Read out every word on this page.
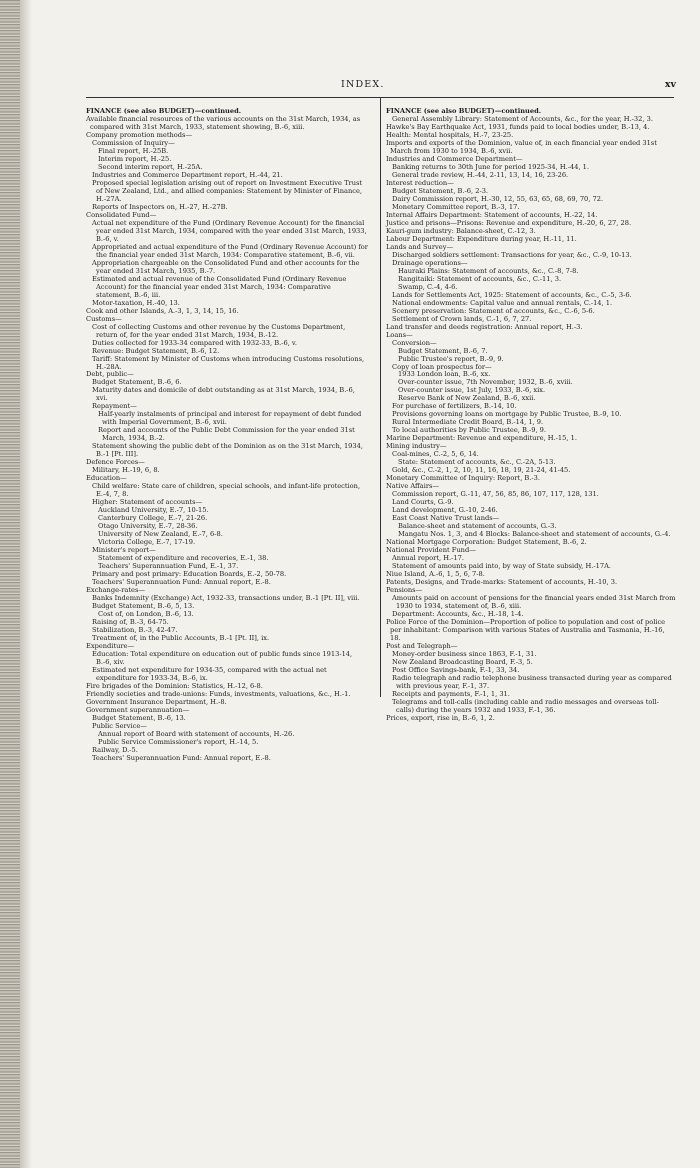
INDEX.	xv
FINANCE (see also BUDGET)—continued.
Available financial resources of the various accounts on the 31st March, 1934, as compared with 31st March, 1933, statement showing, B.-6, xiii.
Company promotion methods—
Commission of Inquiry—
Final report, H.-25B.
Interim report, H.-25.
Second interim report, H.-25A.
Industries and Commerce Department report, H.-44, 21.
Proposed special legislation arising out of report on Investment Executive Trust of New Zealand, Ltd., and allied companies: Statement by Minister of Finance, H.-27A.
Reports of Inspectors on, H.-27, H.-27B.
Consolidated Fund—
Actual net expenditure of the Fund (Ordinary Revenue Account) for the financial year ended 31st March, 1934, compared with the year ended 31st March, 1933, B.-6, v.
Appropriated and actual expenditure of the Fund (Ordinary Revenue Account) for the financial year ended 31st March, 1934: Comparative statement, B.-6, vii.
Appropriation chargeable on the Consolidated Fund and other accounts for the year ended 31st March, 1935, B.-7.
Estimated and actual revenue of the Consolidated Fund (Ordinary Revenue Account) for the financial year ended 31st March, 1934: Comparative statement, B.-6, iii.
Motor-taxation, H.-40, 13.
Cook and other Islands, A.-3, 1, 3, 14, 15, 16.
Customs—
Cost of collecting Customs and other revenue by the Customs Department, return of, for the year ended 31st March, 1934, B.-12.
Duties collected for 1933-34 compared with 1932-33, B.-6, v.
Revenue: Budget Statement, B.-6, 12.
Tariff: Statement by Minister of Customs when introducing Customs resolutions, H.-28A.
Debt, public—
Budget Statement, B.-6, 6.
Maturity dates and domicile of debt outstanding as at 31st March, 1934, B.-6, xvi.
Repayment—
Half-yearly instalments of principal and interest for repayment of debt funded with Imperial Government, B.-6, xvii.
Report and accounts of the Public Debt Commission for the year ended 31st March, 1934, B.-2.
Statement showing the public debt of the Dominion as on the 31st March, 1934, B.-1 [Pt. III].
Defence Forces—
Military, H.-19, 6, 8.
Education—
Child welfare: State care of children, special schools, and infant-life protection, E.-4, 7, 8.
Higher: Statement of accounts—
Auckland University, E.-7, 10-15.
Canterbury College, E.-7, 21-26.
Otago University, E.-7, 28-36.
University of New Zealand, E.-7, 6-8.
Victoria College, E.-7, 17-19.
Minister's report—
Statement of expenditure and recoveries, E.-1, 38.
Teachers' Superannuation Fund, E.-1, 37.
Primary and post primary: Education Boards, E.-2, 50-78.
Teachers' Superannuation Fund: Annual report, E.-8.
Exchange-rates—
Banks Indemnity (Exchange) Act, 1932-33, transactions under, B.-1 [Pt. II], viii.
Budget Statement, B.-6, 5, 13.
Cost of, on London, B.-6, 13.
Raising of, B.-3, 64-75.
Stabilization, B.-3, 42-47.
Treatment of, in the Public Accounts, B.-1 [Pt. II], ix.
Expenditure—
Education: Total expenditure on education out of public funds since 1913-14, B.-6, xiv.
Estimated net expenditure for 1934-35, compared with the actual net expenditure for 1933-34, B.-6, ix.
Fire brigades of the Dominion: Statistics, H.-12, 6-8.
Friendly societies and trade-unions: Funds, investments, valuations, &c., H.-1.
Government Insurance Department, H.-8.
Government superannuation—
Budget Statement, B.-6, 13.
Public Service—
Annual report of Board with statement of accounts, H.-26.
Public Service Commissioner's report, H.-14, 5.
Railway, D.-5.
Teachers' Superannuation Fund: Annual report, E.-8.
FINANCE (see also BUDGET)—continued.
General Assembly Library: Statement of Accounts, &c., for the year, H.-32, 3.
Hawke's Bay Earthquake Act, 1931, funds paid to local bodies under, B.-13, 4.
Health: Mental hospitals, H.-7, 23-25.
Imports and exports of the Dominion, value of, in each financial year ended 31st March from 1930 to 1934, B.-6, xvii.
Industries and Commerce Department—
Banking returns to 30th June for period 1925-34, H.-44, 1.
General trade review, H.-44, 2-11, 13, 14, 16, 23-26.
Interest reduction—
Budget Statement, B.-6, 2-3.
Dairy Commission report, H.-30, 12, 55, 63, 65, 68, 69, 70, 72.
Monetary Committee report, B.-3, 17.
Internal Affairs Department: Statement of accounts, H.-22, 14.
Justice and prisons—Prisons: Revenue and expenditure, H.-20, 6, 27, 28.
Kauri-gum industry: Balance-sheet, C.-12, 3.
Labour Department: Expenditure during year, H.-11, 11.
Lands and Survey—
Discharged soldiers settlement: Transactions for year, &c., C.-9, 10-13.
Drainage operations—
Hauraki Plains: Statement of accounts, &c., C.-8, 7-8.
Rangitaiki: Statement of accounts, &c., C.-11, 3.
Swamp, C.-4, 4-6.
Lands for Settlements Act, 1925: Statement of accounts, &c., C.-5, 3-6.
National endowments: Capital value and annual rentals, C.-14, 1.
Scenery preservation: Statement of accounts, &c., C.-6, 5-6.
Settlement of Crown lands, C.-1, 6, 7, 27.
Land transfer and deeds registration: Annual report, H.-3.
Loans—
Conversion—
Budget Statement, B.-6, 7.
Public Trustee's report, B.-9, 9.
Copy of loan prospectus for—
1933 London loan, B.-6, xx.
Over-counter issue, 7th November, 1932, B.-6, xviii.
Over-counter issue, 1st July, 1933, B.-6, xix.
Reserve Bank of New Zealand, B.-6, xxii.
For purchase of fertilizers, B.-14, 10.
Provisions governing loans on mortgage by Public Trustee, B.-9, 10.
Rural Intermediate Credit Board, B.-14, 1, 9.
To local authorities by Public Trustee, B.-9, 9.
Marine Department: Revenue and expenditure, H.-15, 1.
Mining industry—
Coal-mines, C.-2, 5, 6, 14.
State: Statement of accounts, &c., C.-2A, 5-13.
Gold, &c., C.-2, 1, 2, 10, 11, 16, 18, 19, 21-24, 41-45.
Monetary Committee of Inquiry: Report, B.-3.
Native Affairs—
Commission report, G.-11, 47, 56, 85, 86, 107, 117, 128, 131.
Land Courts, G.-9.
Land development, G.-10, 2-46.
East Coast Native Trust lands—
Balance-sheet and statement of accounts, G.-3.
Mangatu Nos. 1, 3, and 4 Blocks: Balance-sheet and statement of accounts, G.-4.
National Mortgage Corporation: Budget Statement, B.-6, 2.
National Provident Fund—
Annual report, H.-17.
Statement of amounts paid into, by way of State subsidy, H.-17A.
Niue Island, A.-6, 1, 5, 6, 7-8.
Patents, Designs, and Trade-marks: Statement of accounts, H.-10, 3.
Pensions—
Amounts paid on account of pensions for the financial years ended 31st March from 1930 to 1934, statement of, B.-6, xiii.
Department: Accounts, &c., H.-18, 1-4.
Police Force of the Dominion—Proportion of police to population and cost of police per inhabitant: Comparison with various States of Australia and Tasmania, H.-16, 18.
Post and Telegraph—
Money-order business since 1863, F.-1, 31.
New Zealand Broadcasting Board, F.-3, 5.
Post Office Savings-bank, F.-1, 33, 34.
Radio telegraph and radio telephone business transacted during year as compared with previous year, F.-1, 37.
Receipts and payments, F.-1, 1, 31.
Telegrams and toll-calls (including cable and radio messages and overseas toll-calls) during the years 1932 and 1933, F.-1, 36.
Prices, export, rise in, B.-6, 1, 2.
